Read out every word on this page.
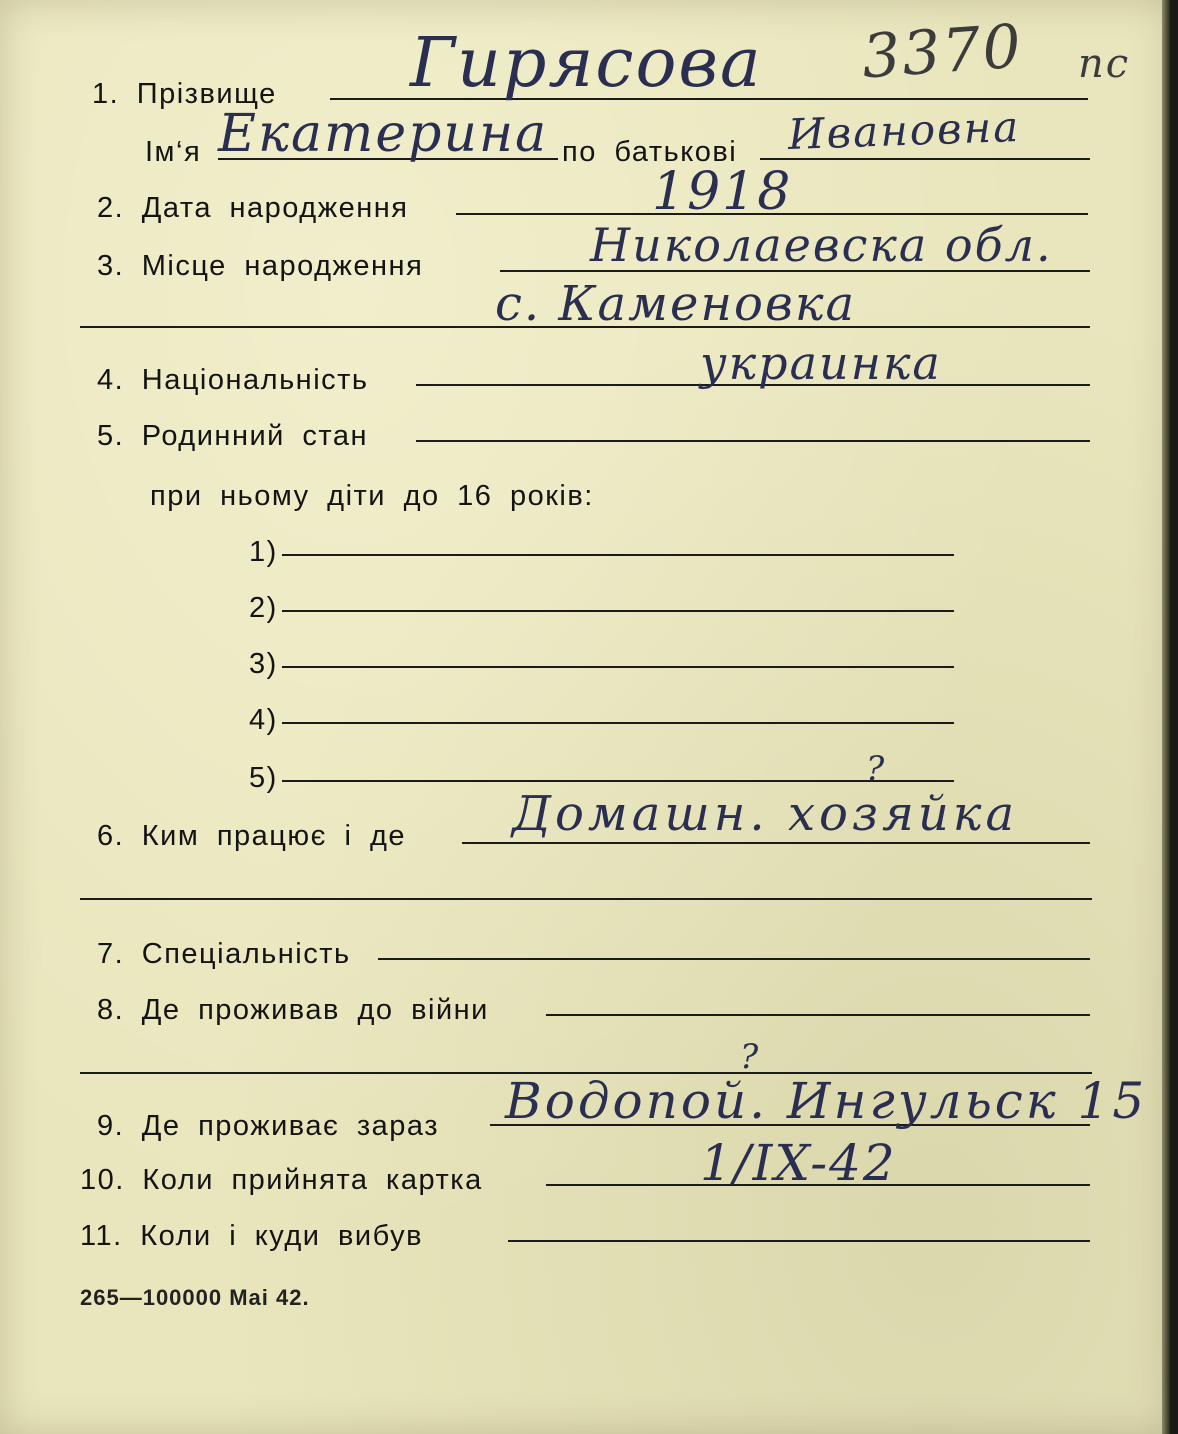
3370 пс
1. Прізвище Гирясова
Ім‘я	по батькові
Екатерина	Ивановна
2. Дата народження	1918
3. Місце народження	Николаевска обл.
с. Каменовка
4. Національність	украинка
5. Родинний стан
при ньому діти до 16 років:
1)
2)
3)
4)
5)	?
6. Ким працює і де Домашн. хозяйка
7. Спеціальність
8. Де проживав до війни
?
9. Де проживає зараз Водопой. Ингульск 15
10. Коли прийнята картка	1/IX-42
11. Коли і куди вибув
265—100000 Mai 42.
